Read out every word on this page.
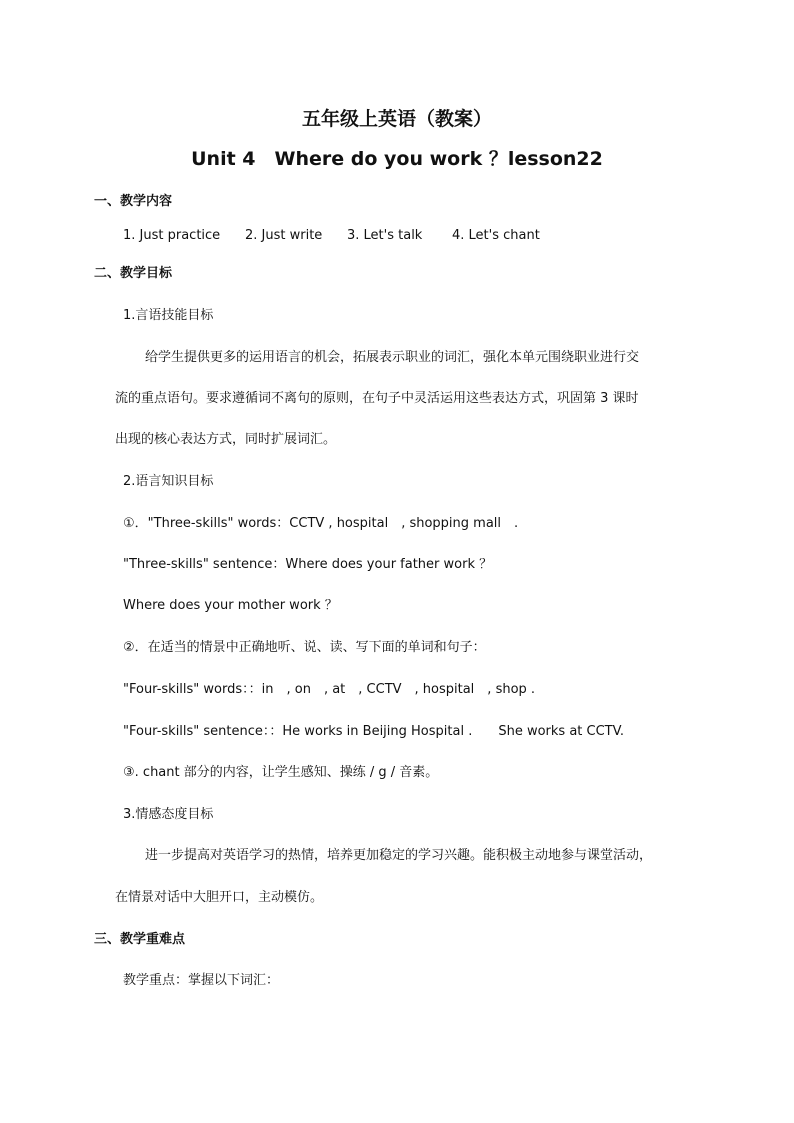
五年级上英语（教案）
Unit 4　Where do you work ？lesson22
一、教学内容
1. Just practice 2. Just write 3. Let's talk 4. Let's chant
二、教学目标
1.言语技能目标
给学生提供更多的运用语言的机会，拓展表示职业的词汇，强化本单元围绕职业进行交
流的重点语句。要求遵循词不离句的原则，在句子中灵活运用这些表达方式，巩固第 3 课时
出现的核心表达方式，同时扩展词汇。
2.语言知识目标
①．"Three-skills" words：CCTV , hospital　, shopping mall　.
"Three-skills" sentence：Where does your father work ？
Where does your mother work ？
②．在适当的情景中正确地听、说、读、写下面的单词和句子：
"Four-skills" words：：in　, on　, at　, CCTV　, hospital　, shop .
"Four-skills" sentence：：He works in Beijing Hospital .　　She works at CCTV.
③. chant 部分的内容，让学生感知、操练 / g / 音素。
3.情感态度目标
进一步提高对英语学习的热情，培养更加稳定的学习兴趣。能积极主动地参与课堂活动，
在情景对话中大胆开口，主动模仿。
三、教学重难点
教学重点：掌握以下词汇：
